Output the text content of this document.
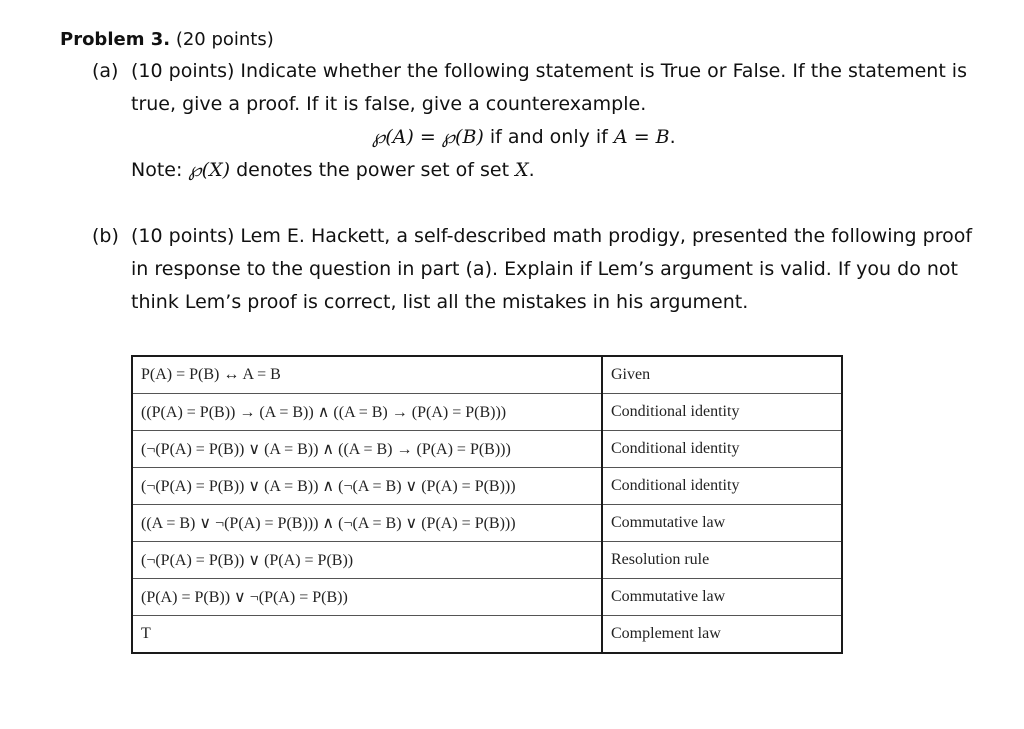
Problem 3. (20 points)
(a) (10 points) Indicate whether the following statement is True or False. If the statement is
true, give a proof. If it is false, give a counterexample.
℘(A) = ℘(B) if and only if A = B.
Note: ℘(X) denotes the power set of set X.
(b) (10 points) Lem E. Hackett, a self-described math prodigy, presented the following proof
in response to the question in part (a). Explain if Lem’s argument is valid. If you do not
think Lem’s proof is correct, list all the mistakes in his argument.
P(A) = P(B) ↔ A = B	Given
((P(A) = P(B)) → (A = B)) ∧ ((A = B) → (P(A) = P(B)))	Conditional identity
(¬(P(A) = P(B)) ∨ (A = B)) ∧ ((A = B) → (P(A) = P(B)))	Conditional identity
(¬(P(A) = P(B)) ∨ (A = B)) ∧ (¬(A = B) ∨ (P(A) = P(B)))	Conditional identity
((A = B) ∨ ¬(P(A) = P(B))) ∧ (¬(A = B) ∨ (P(A) = P(B)))	Commutative law
(¬(P(A) = P(B)) ∨ (P(A) = P(B))	Resolution rule
(P(A) = P(B)) ∨ ¬(P(A) = P(B))	Commutative law
T	Complement law
